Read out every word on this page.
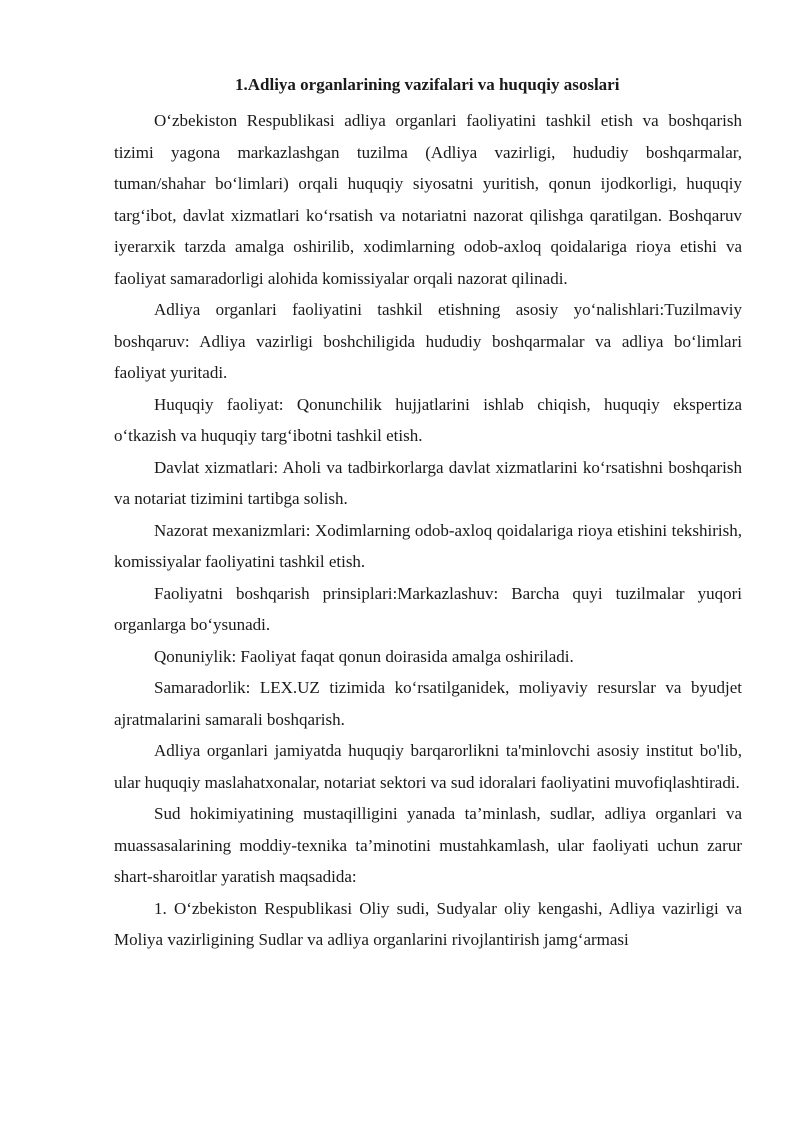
1.Adliya organlarining vazifalari va huquqiy asoslari

O‘zbekiston Respublikasi adliya organlari faoliyatini tashkil etish va boshqarish tizimi yagona markazlashgan tuzilma (Adliya vazirligi, hududiy boshqarmalar, tuman/shahar bo‘limlari) orqali huquqiy siyosatni yuritish, qonun ijodkorligi, huquqiy targ‘ibot, davlat xizmatlari ko‘rsatish va notariatni nazorat qilishga qaratilgan. Boshqaruv iyerarxik tarzda amalga oshirilib, xodimlarning odob-axloq qoidalariga rioya etishi va faoliyat samaradorligi alohida komissiyalar orqali nazorat qilinadi.

Adliya organlari faoliyatini tashkil etishning asosiy yo‘nalishlari:Tuzilmaviy boshqaruv: Adliya vazirligi boshchiligida hududiy boshqarmalar va adliya bo‘limlari faoliyat yuritadi.

Huquqiy faoliyat: Qonunchilik hujjatlarini ishlab chiqish, huquqiy ekspertiza o‘tkazish va huquqiy targ‘ibotni tashkil etish.

Davlat xizmatlari: Aholi va tadbirkorlarga davlat xizmatlarini ko‘rsatishni boshqarish va notariat tizimini tartibga solish.

Nazorat mexanizmlari: Xodimlarning odob-axloq qoidalariga rioya etishini tekshirish, komissiyalar faoliyatini tashkil etish.

Faoliyatni boshqarish prinsiplari:Markazlashuv: Barcha quyi tuzilmalar yuqori organlarga bo‘ysunadi.

Qonuniylik: Faoliyat faqat qonun doirasida amalga oshiriladi.

Samaradorlik: LEX.UZ tizimida ko‘rsatilganidek, moliyaviy resurslar va byudjet ajratmalarini samarali boshqarish.

Adliya organlari jamiyatda huquqiy barqarorlikni ta'minlovchi asosiy institut bo'lib, ular huquqiy maslahatxonalar, notariat sektori va sud idoralari faoliyatini muvofiqlashtiradi.

Sud hokimiyatining mustaqilligini yanada ta’minlash, sudlar, adliya organlari va muassasalarining moddiy-texnika ta’minotini mustahkamlash, ular faoliyati uchun zarur shart-sharoitlar yaratish maqsadida:

1. O‘zbekiston Respublikasi Oliy sudi, Sudyalar oliy kengashi, Adliya vazirligi va Moliya vazirligining Sudlar va adliya organlarini rivojlantirish jamg‘armasi
